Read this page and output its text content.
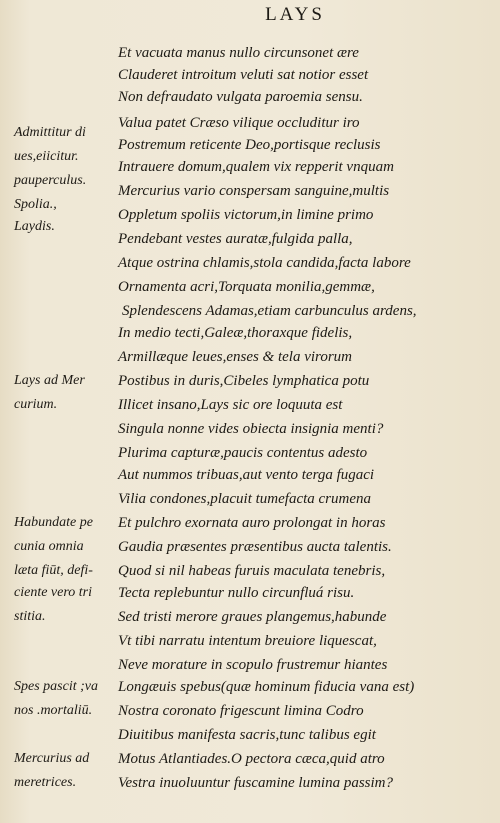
LAYS
Et vacuata manus nullo circunsonet ære
Clauderet introitum veluti sat notior esset
Non defraudato vulgata paroemia sensu.
Valua patet Cræso vilique occluditur iro
Postremum reticente Deo,portisque reclusis
Intrauere domum,qualem vix repperit vnquam
Mercurius vario conspersam sanguine,multis
Oppletum spoliis victorum,in limine primo
Pendebant vestes auratæ,fulgida palla,
Atque ostrina chlamis,stola candida,facta labore
Ornamenta acri,Torquata monilia,gemmæ,
Splendescens Adamas,etiam carbunculus ardens,
In medio tecti,Galeæ,thoraxque fidelis,
Armillæque leues,enses & tela virorum
Postibus in duris,Cibeles lymphatica potu
Illicet insano,Lays sic ore loquuta est
Singula nonne vides obiecta insignia menti?
Plurima capturæ,paucis contentus adesto
Aut nummos tribuas,aut vento terga fugaci
Vilia condones,placuit tumefacta crumena
Et pulchro exornata auro prolongat in horas
Gaudia præsentes præsentibus aucta talentis.
Quod si nil habeas furuis maculata tenebris,
Tecta replebuntur nullo circunfluá risu.
Sed tristi merore graues plangemus,habunde
Vt tibi narratu intentum breuiore liquescat,
Neve morature in scopulo frustremur hiantes
Longæuis spebus(quæ hominum fiducia vana est)
Nostra coronato frigescunt limina Codro
Diuitibus manifesta sacris,tunc talibus egit
Motus Atlantiades.O pectora cæca,quid atro
Vestra inuoluuntur fuscamine lumina passim?
Admittitur di
ues,eiicitur.
pauperculus.
Spolia.,
Laydis.
Lays ad Mer
curium.
Habundate pe
cunia omnia
læta fiūt, defi-
ciente vero tri
stitia.
Spes pascit ;va
nos .mortaliū.
Mercurius ad
meretrices.
